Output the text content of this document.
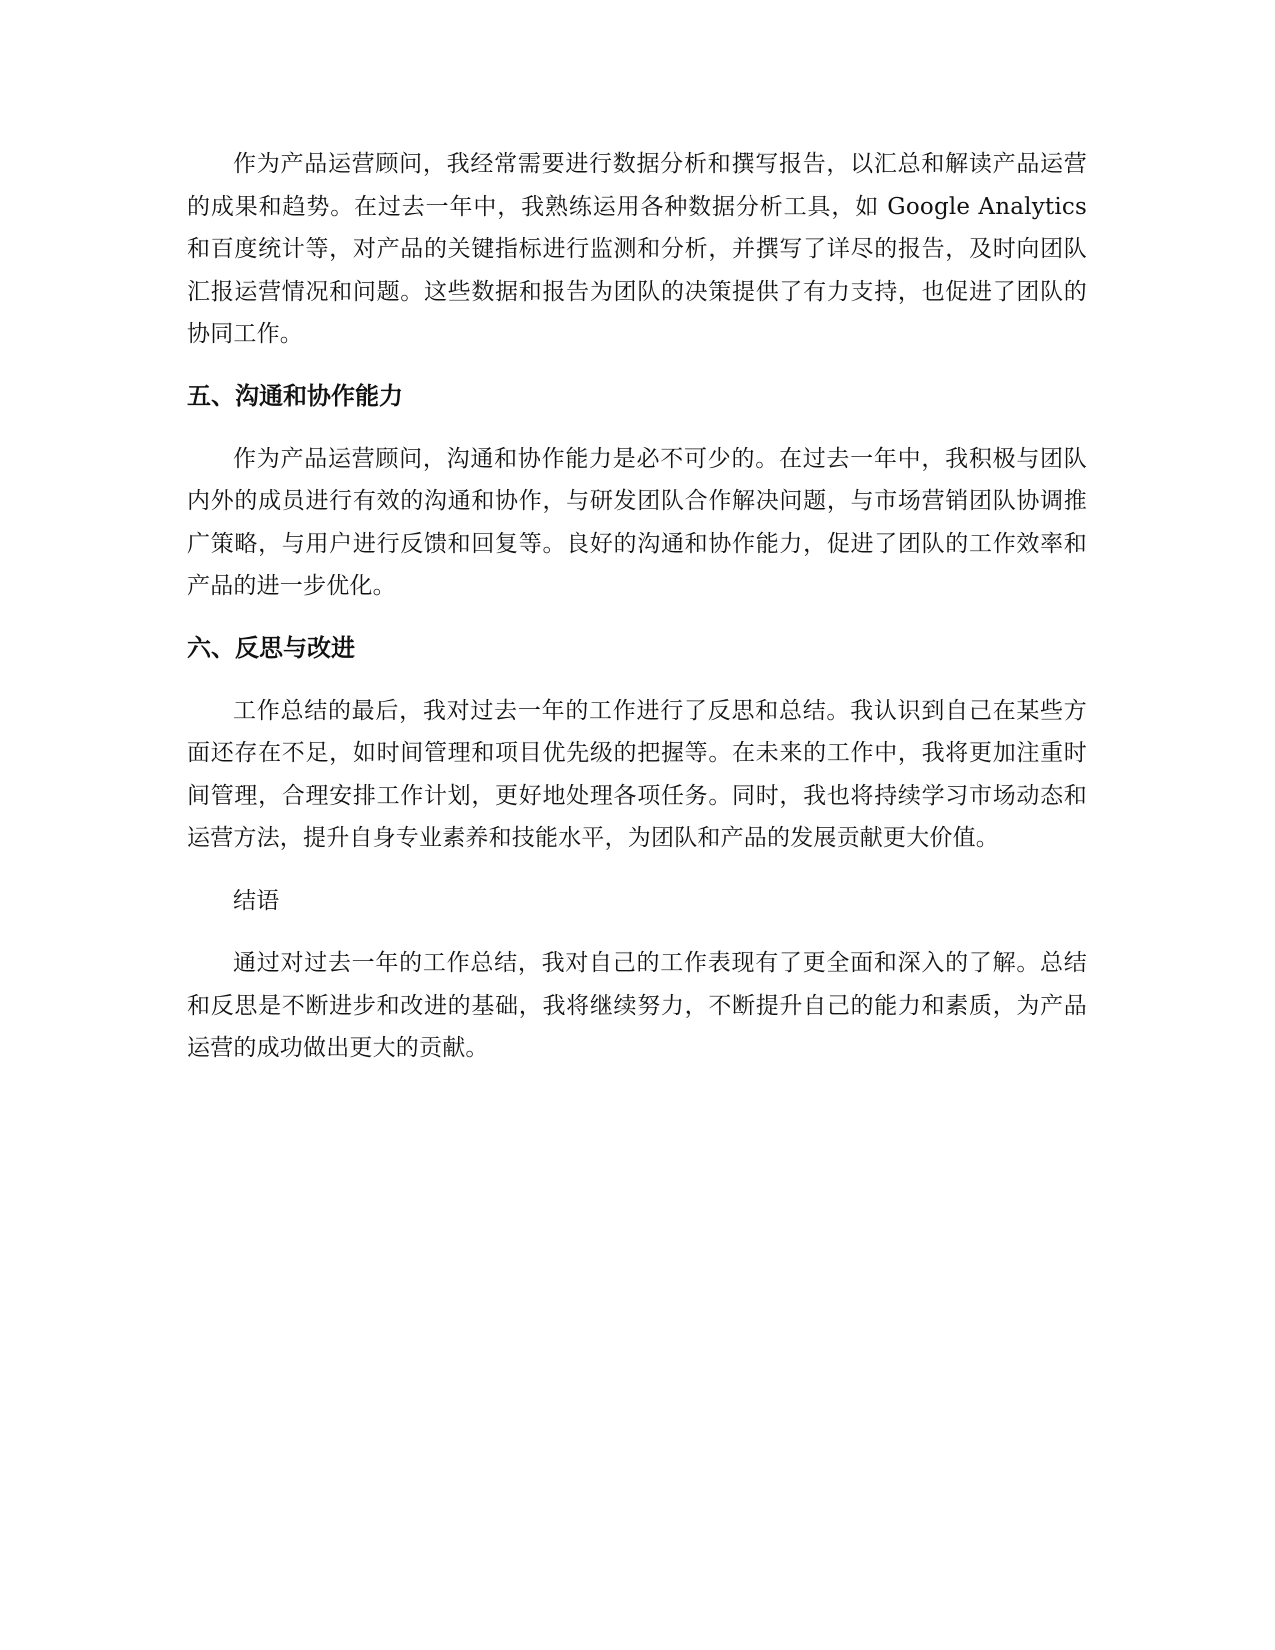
作为产品运营顾问，我经常需要进行数据分析和撰写报告，以汇总和解读产品运营的成果和趋势。在过去一年中，我熟练运用各种数据分析工具，如 Google Analytics 和百度统计等，对产品的关键指标进行监测和分析，并撰写了详尽的报告，及时向团队汇报运营情况和问题。这些数据和报告为团队的决策提供了有力支持，也促进了团队的协同工作。

五、沟通和协作能力

作为产品运营顾问，沟通和协作能力是必不可少的。在过去一年中，我积极与团队内外的成员进行有效的沟通和协作，与研发团队合作解决问题，与市场营销团队协调推广策略，与用户进行反馈和回复等。良好的沟通和协作能力，促进了团队的工作效率和产品的进一步优化。

六、反思与改进

工作总结的最后，我对过去一年的工作进行了反思和总结。我认识到自己在某些方面还存在不足，如时间管理和项目优先级的把握等。在未来的工作中，我将更加注重时间管理，合理安排工作计划，更好地处理各项任务。同时，我也将持续学习市场动态和运营方法，提升自身专业素养和技能水平，为团队和产品的发展贡献更大价值。

结语

通过对过去一年的工作总结，我对自己的工作表现有了更全面和深入的了解。总结和反思是不断进步和改进的基础，我将继续努力，不断提升自己的能力和素质，为产品运营的成功做出更大的贡献。
